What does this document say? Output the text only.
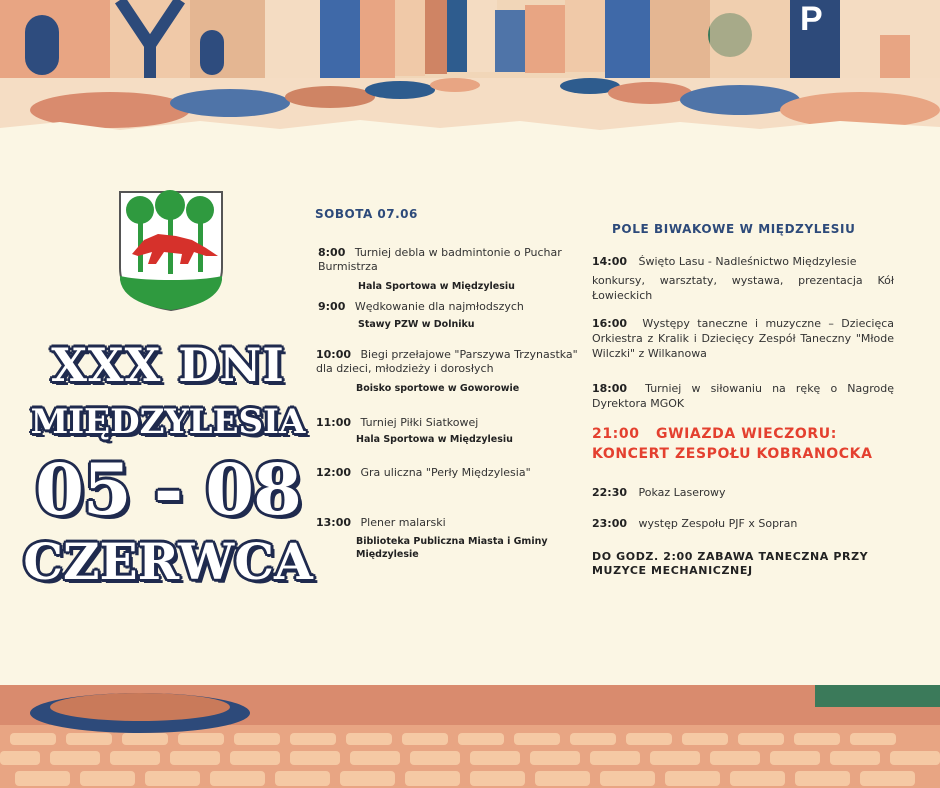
P
XXX DNI
MIĘDZYLESIA
05 - 08
CZERWCA
SOBOTA 07.06
8:00 Turniej debla w badmintonie o Puchar Burmistrza
Hala Sportowa w Międzylesiu
9:00 Wędkowanie dla najmłodszych
Stawy PZW w Dolniku
10:00 Biegi przełajowe "Parszywa Trzynastka" dla dzieci, młodzieży i dorosłych
Boisko sportowe w Goworowie
11:00 Turniej Piłki Siatkowej
Hala Sportowa w Międzylesiu
12:00 Gra uliczna "Perły Międzylesia"
13:00 Plener malarski
Biblioteka Publiczna Miasta i Gminy Międzylesie
POLE BIWAKOWE W MIĘDZYLESIU
14:00 Święto Lasu - Nadleśnictwo Międzylesie
konkursy, warsztaty, wystawa, prezentacja Kół Łowieckich
16:00 Występy taneczne i muzyczne – Dziecięca Orkiestra z Kralik i Dziecięcy Zespół Taneczny "Młode Wilczki" z Wilkanowa
18:00 Turniej w siłowaniu na rękę o Nagrodę Dyrektora MGOK
21:00   GWIAZDA WIECZORU:
KONCERT ZESPOŁU KOBRANOCKA
22:30 Pokaz Laserowy
23:00 występ Zespołu PJF x Sopran
DO GODZ. 2:00 ZABAWA TANECZNA PRZY MUZYCE MECHANICZNEJ
